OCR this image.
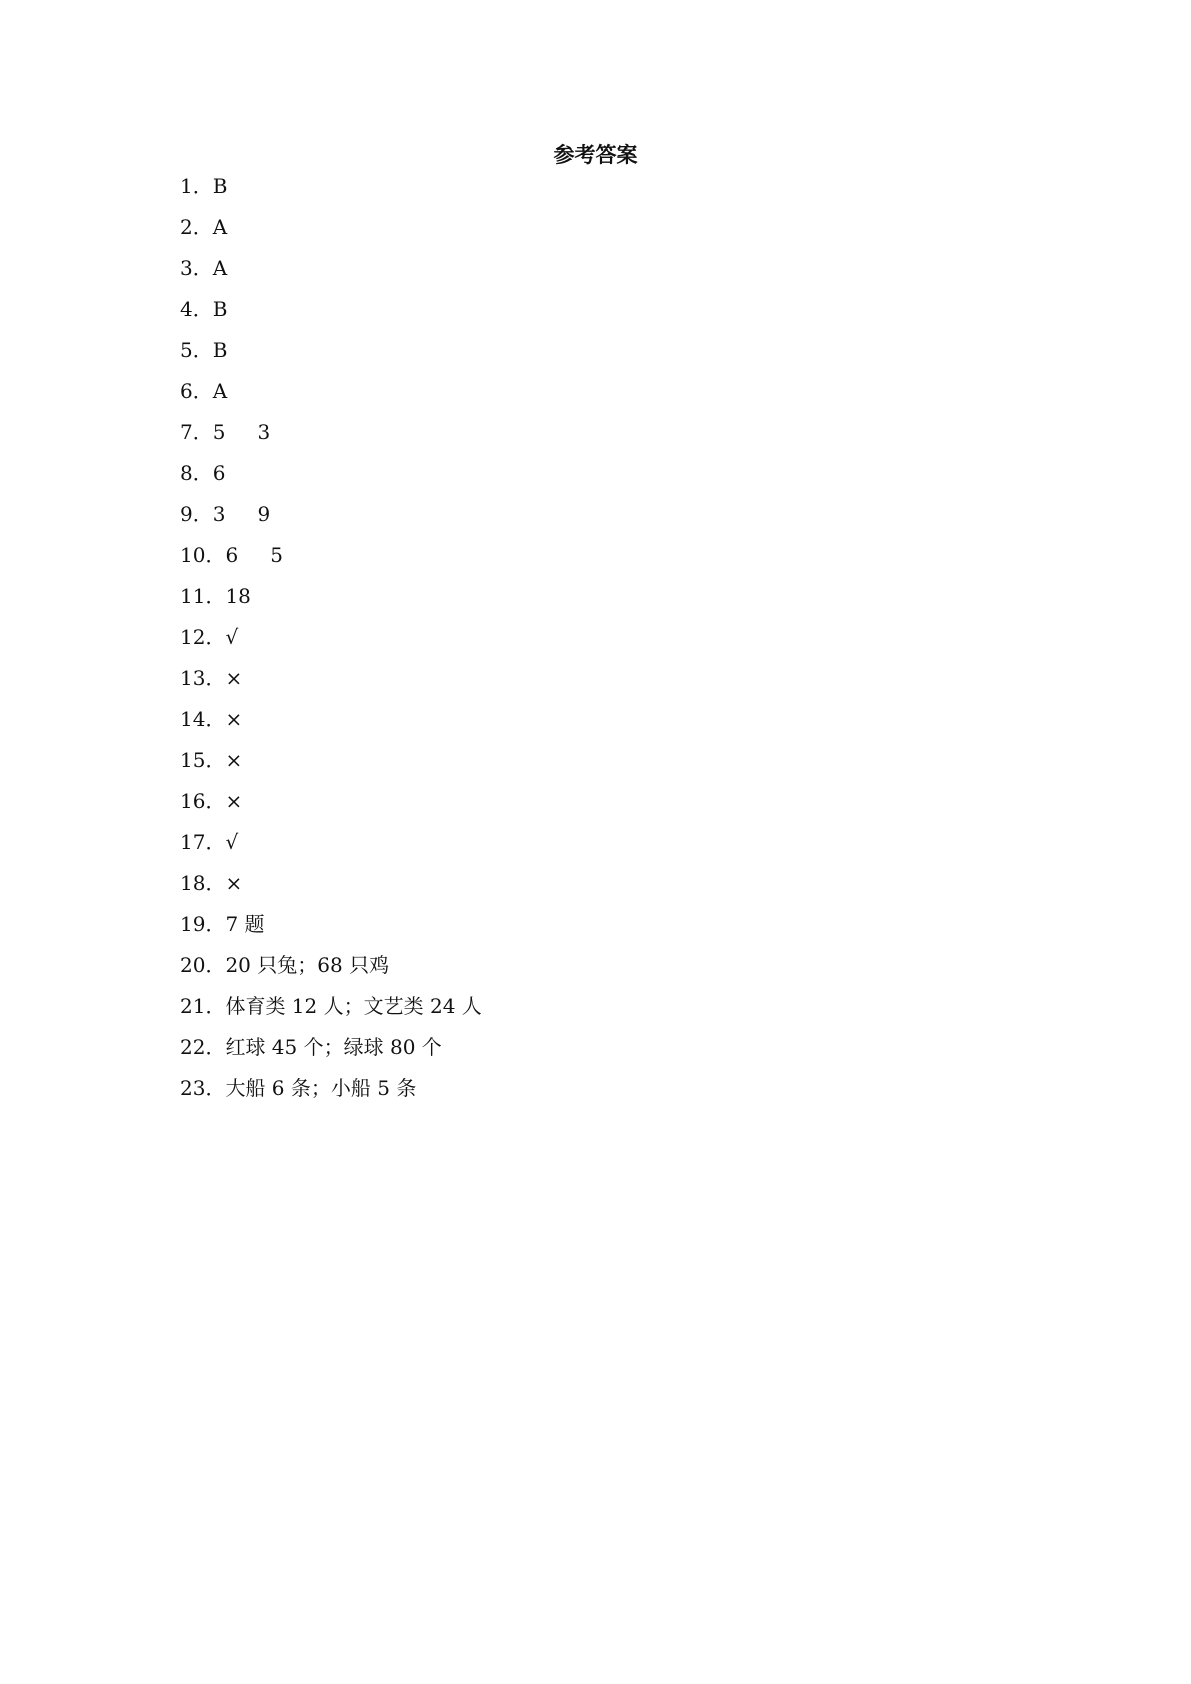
参考答案
1．B
2．A
3．A
4．B
5．B
6．A
7．5 3
8．6
9．3 9
10．6 5
11．18
12．√
13．×
14．×
15．×
16．×
17．√
18．×
19．7 题
20．20 只兔；68 只鸡
21．体育类 12 人；文艺类 24 人
22．红球 45 个；绿球 80 个
23．大船 6 条；小船 5 条
